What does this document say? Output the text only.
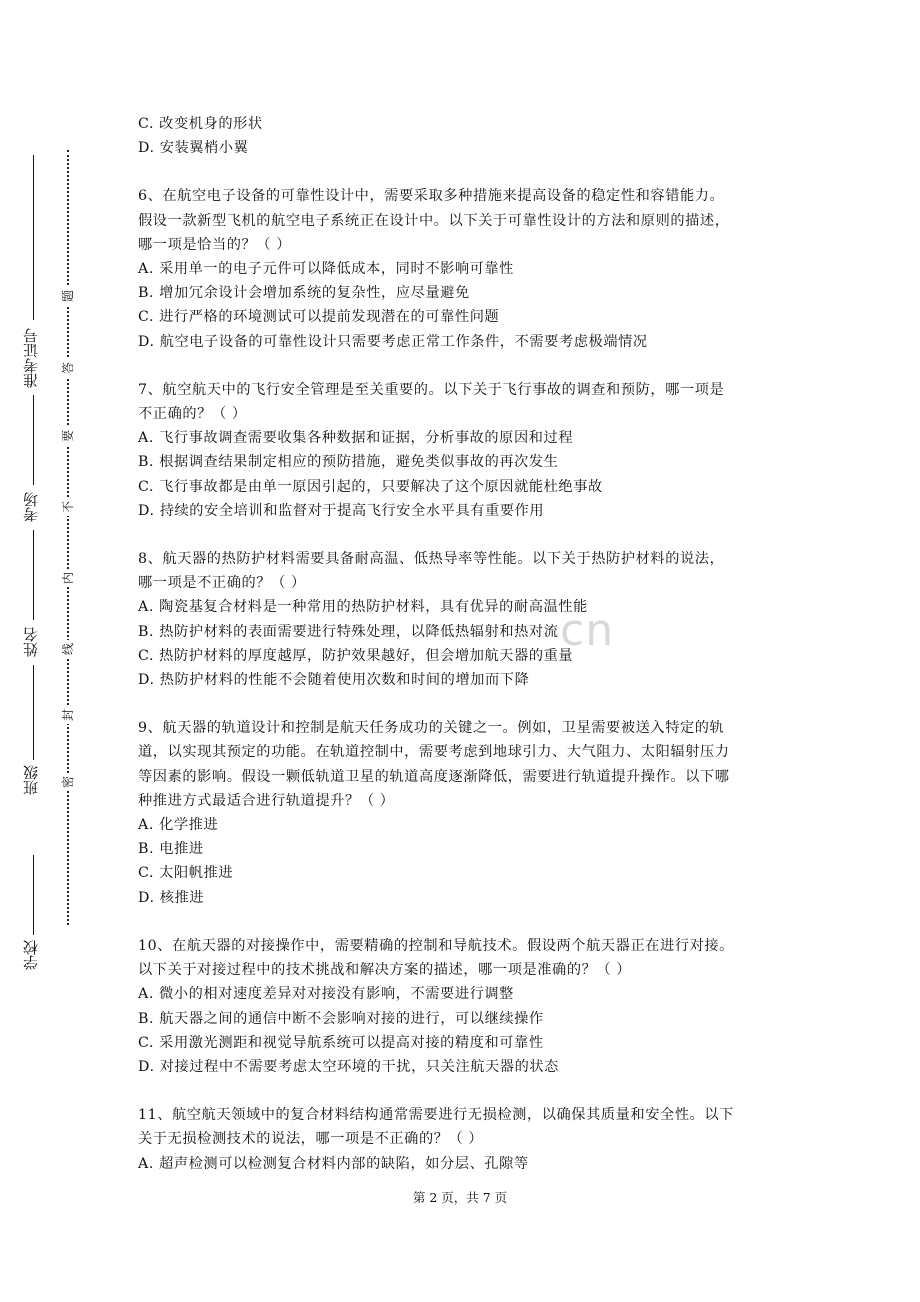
学校
班级
姓名
考场
准考证号
密
封
线
内
不
要
答
题
cn
C. 改变机身的形状
D. 安装翼梢小翼
6、在航空电子设备的可靠性设计中，需要采取多种措施来提高设备的稳定性和容错能力。
假设一款新型飞机的航空电子系统正在设计中。以下关于可靠性设计的方法和原则的描述，
哪一项是恰当的？（ ）
A. 采用单一的电子元件可以降低成本，同时不影响可靠性
B. 增加冗余设计会增加系统的复杂性，应尽量避免
C. 进行严格的环境测试可以提前发现潜在的可靠性问题
D. 航空电子设备的可靠性设计只需要考虑正常工作条件，不需要考虑极端情况
7、航空航天中的飞行安全管理是至关重要的。以下关于飞行事故的调查和预防，哪一项是
不正确的？（ ）
A. 飞行事故调查需要收集各种数据和证据，分析事故的原因和过程
B. 根据调查结果制定相应的预防措施，避免类似事故的再次发生
C. 飞行事故都是由单一原因引起的，只要解决了这个原因就能杜绝事故
D. 持续的安全培训和监督对于提高飞行安全水平具有重要作用
8、航天器的热防护材料需要具备耐高温、低热导率等性能。以下关于热防护材料的说法，
哪一项是不正确的？（ ）
A. 陶瓷基复合材料是一种常用的热防护材料，具有优异的耐高温性能
B. 热防护材料的表面需要进行特殊处理，以降低热辐射和热对流
C. 热防护材料的厚度越厚，防护效果越好，但会增加航天器的重量
D. 热防护材料的性能不会随着使用次数和时间的增加而下降
9、航天器的轨道设计和控制是航天任务成功的关键之一。例如，卫星需要被送入特定的轨
道，以实现其预定的功能。在轨道控制中，需要考虑到地球引力、大气阻力、太阳辐射压力
等因素的影响。假设一颗低轨道卫星的轨道高度逐渐降低，需要进行轨道提升操作。以下哪
种推进方式最适合进行轨道提升？（ ）
A. 化学推进
B. 电推进
C. 太阳帆推进
D. 核推进
10、在航天器的对接操作中，需要精确的控制和导航技术。假设两个航天器正在进行对接。
以下关于对接过程中的技术挑战和解决方案的描述，哪一项是准确的？（ ）
A. 微小的相对速度差异对对接没有影响，不需要进行调整
B. 航天器之间的通信中断不会影响对接的进行，可以继续操作
C. 采用激光测距和视觉导航系统可以提高对接的精度和可靠性
D. 对接过程中不需要考虑太空环境的干扰，只关注航天器的状态
11、航空航天领域中的复合材料结构通常需要进行无损检测，以确保其质量和安全性。以下
关于无损检测技术的说法，哪一项是不正确的？（ ）
A. 超声检测可以检测复合材料内部的缺陷，如分层、孔隙等
第 2 页，共 7 页
